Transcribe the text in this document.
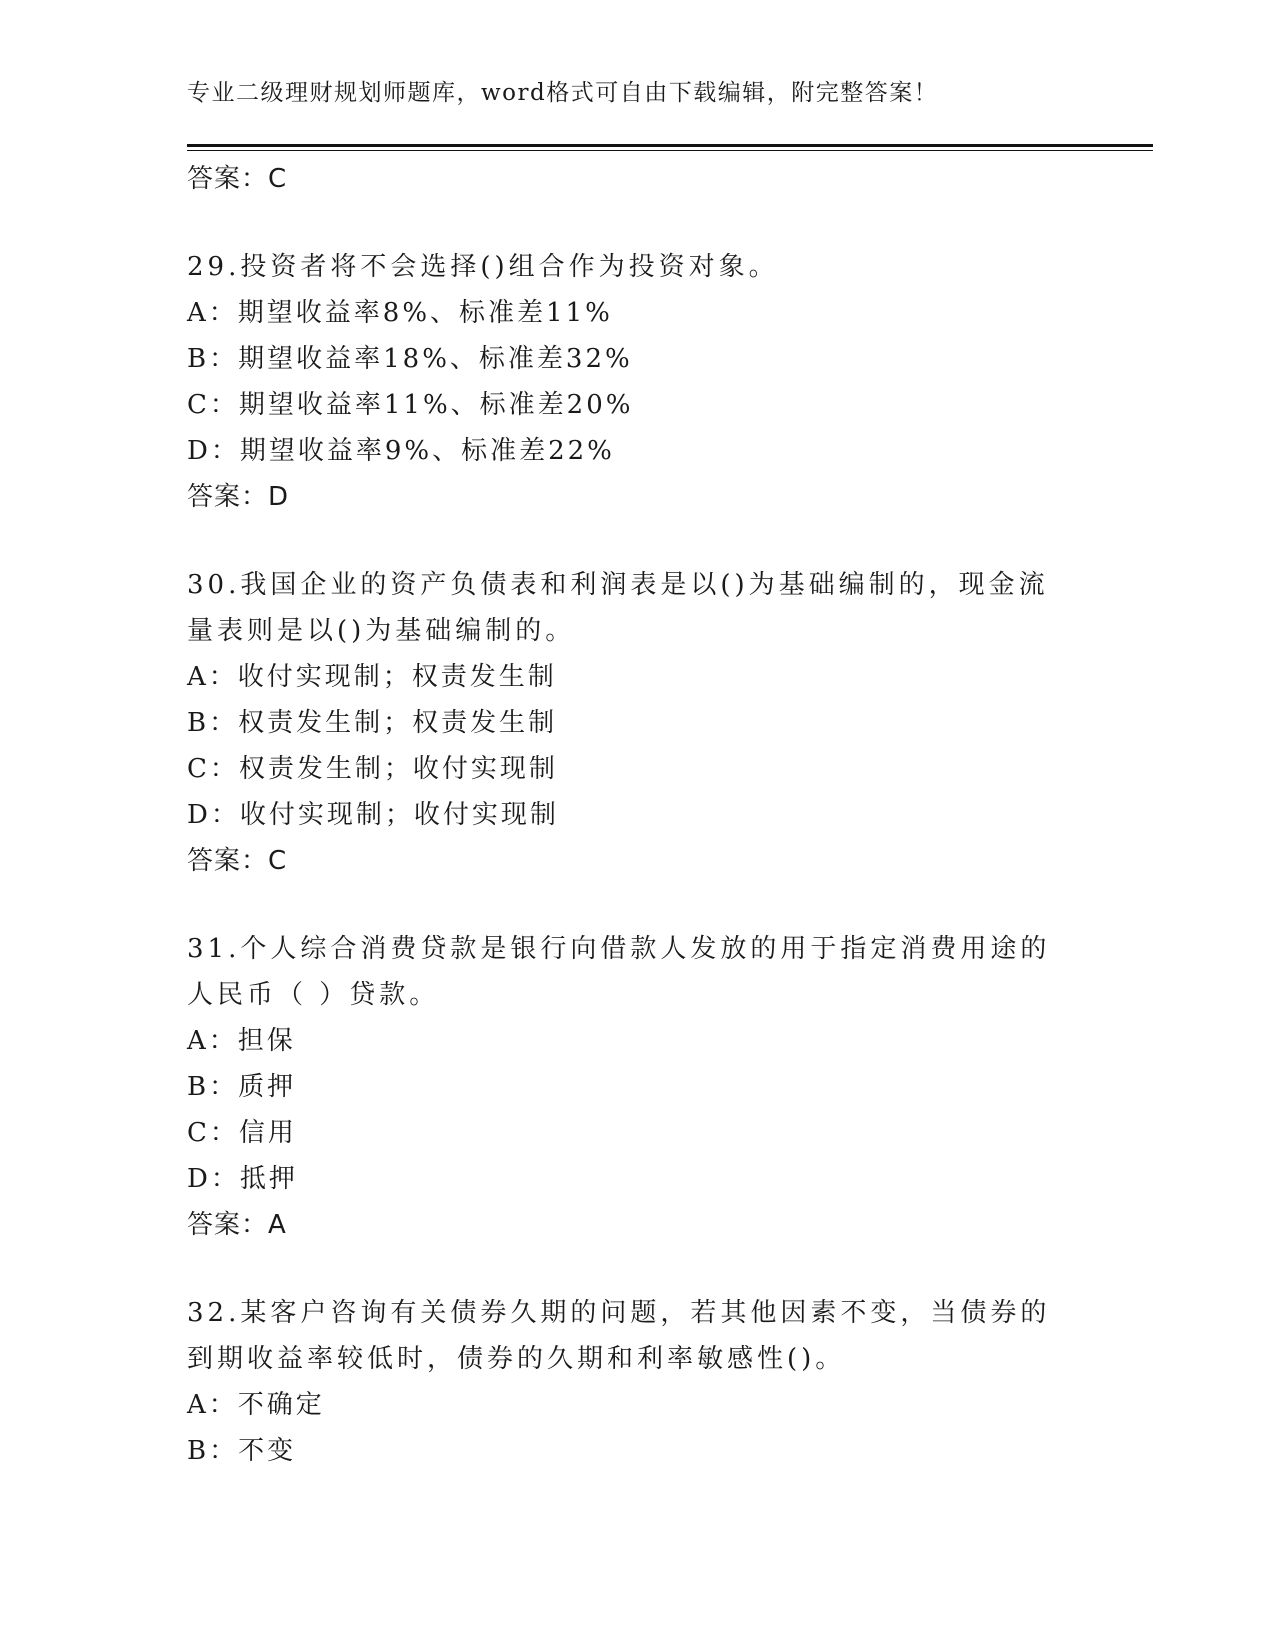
专业二级理财规划师题库，word格式可自由下载编辑，附完整答案！
答案：C
29.投资者将不会选择()组合作为投资对象。
A：期望收益率8%、标准差11%
B：期望收益率18%、标准差32%
C：期望收益率11%、标准差20%
D：期望收益率9%、标准差22%
答案：D
30.我国企业的资产负债表和利润表是以()为基础编制的，现金流量表则是以()为基础编制的。
A：收付实现制；权责发生制
B：权责发生制；权责发生制
C：权责发生制；收付实现制
D：收付实现制；收付实现制
答案：C
31.个人综合消费贷款是银行向借款人发放的用于指定消费用途的人民币（ ）贷款。
A：担保
B：质押
C：信用
D：抵押
答案：A
32.某客户咨询有关债券久期的问题，若其他因素不变，当债券的到期收益率较低时，债券的久期和利率敏感性()。
A：不确定
B：不变
